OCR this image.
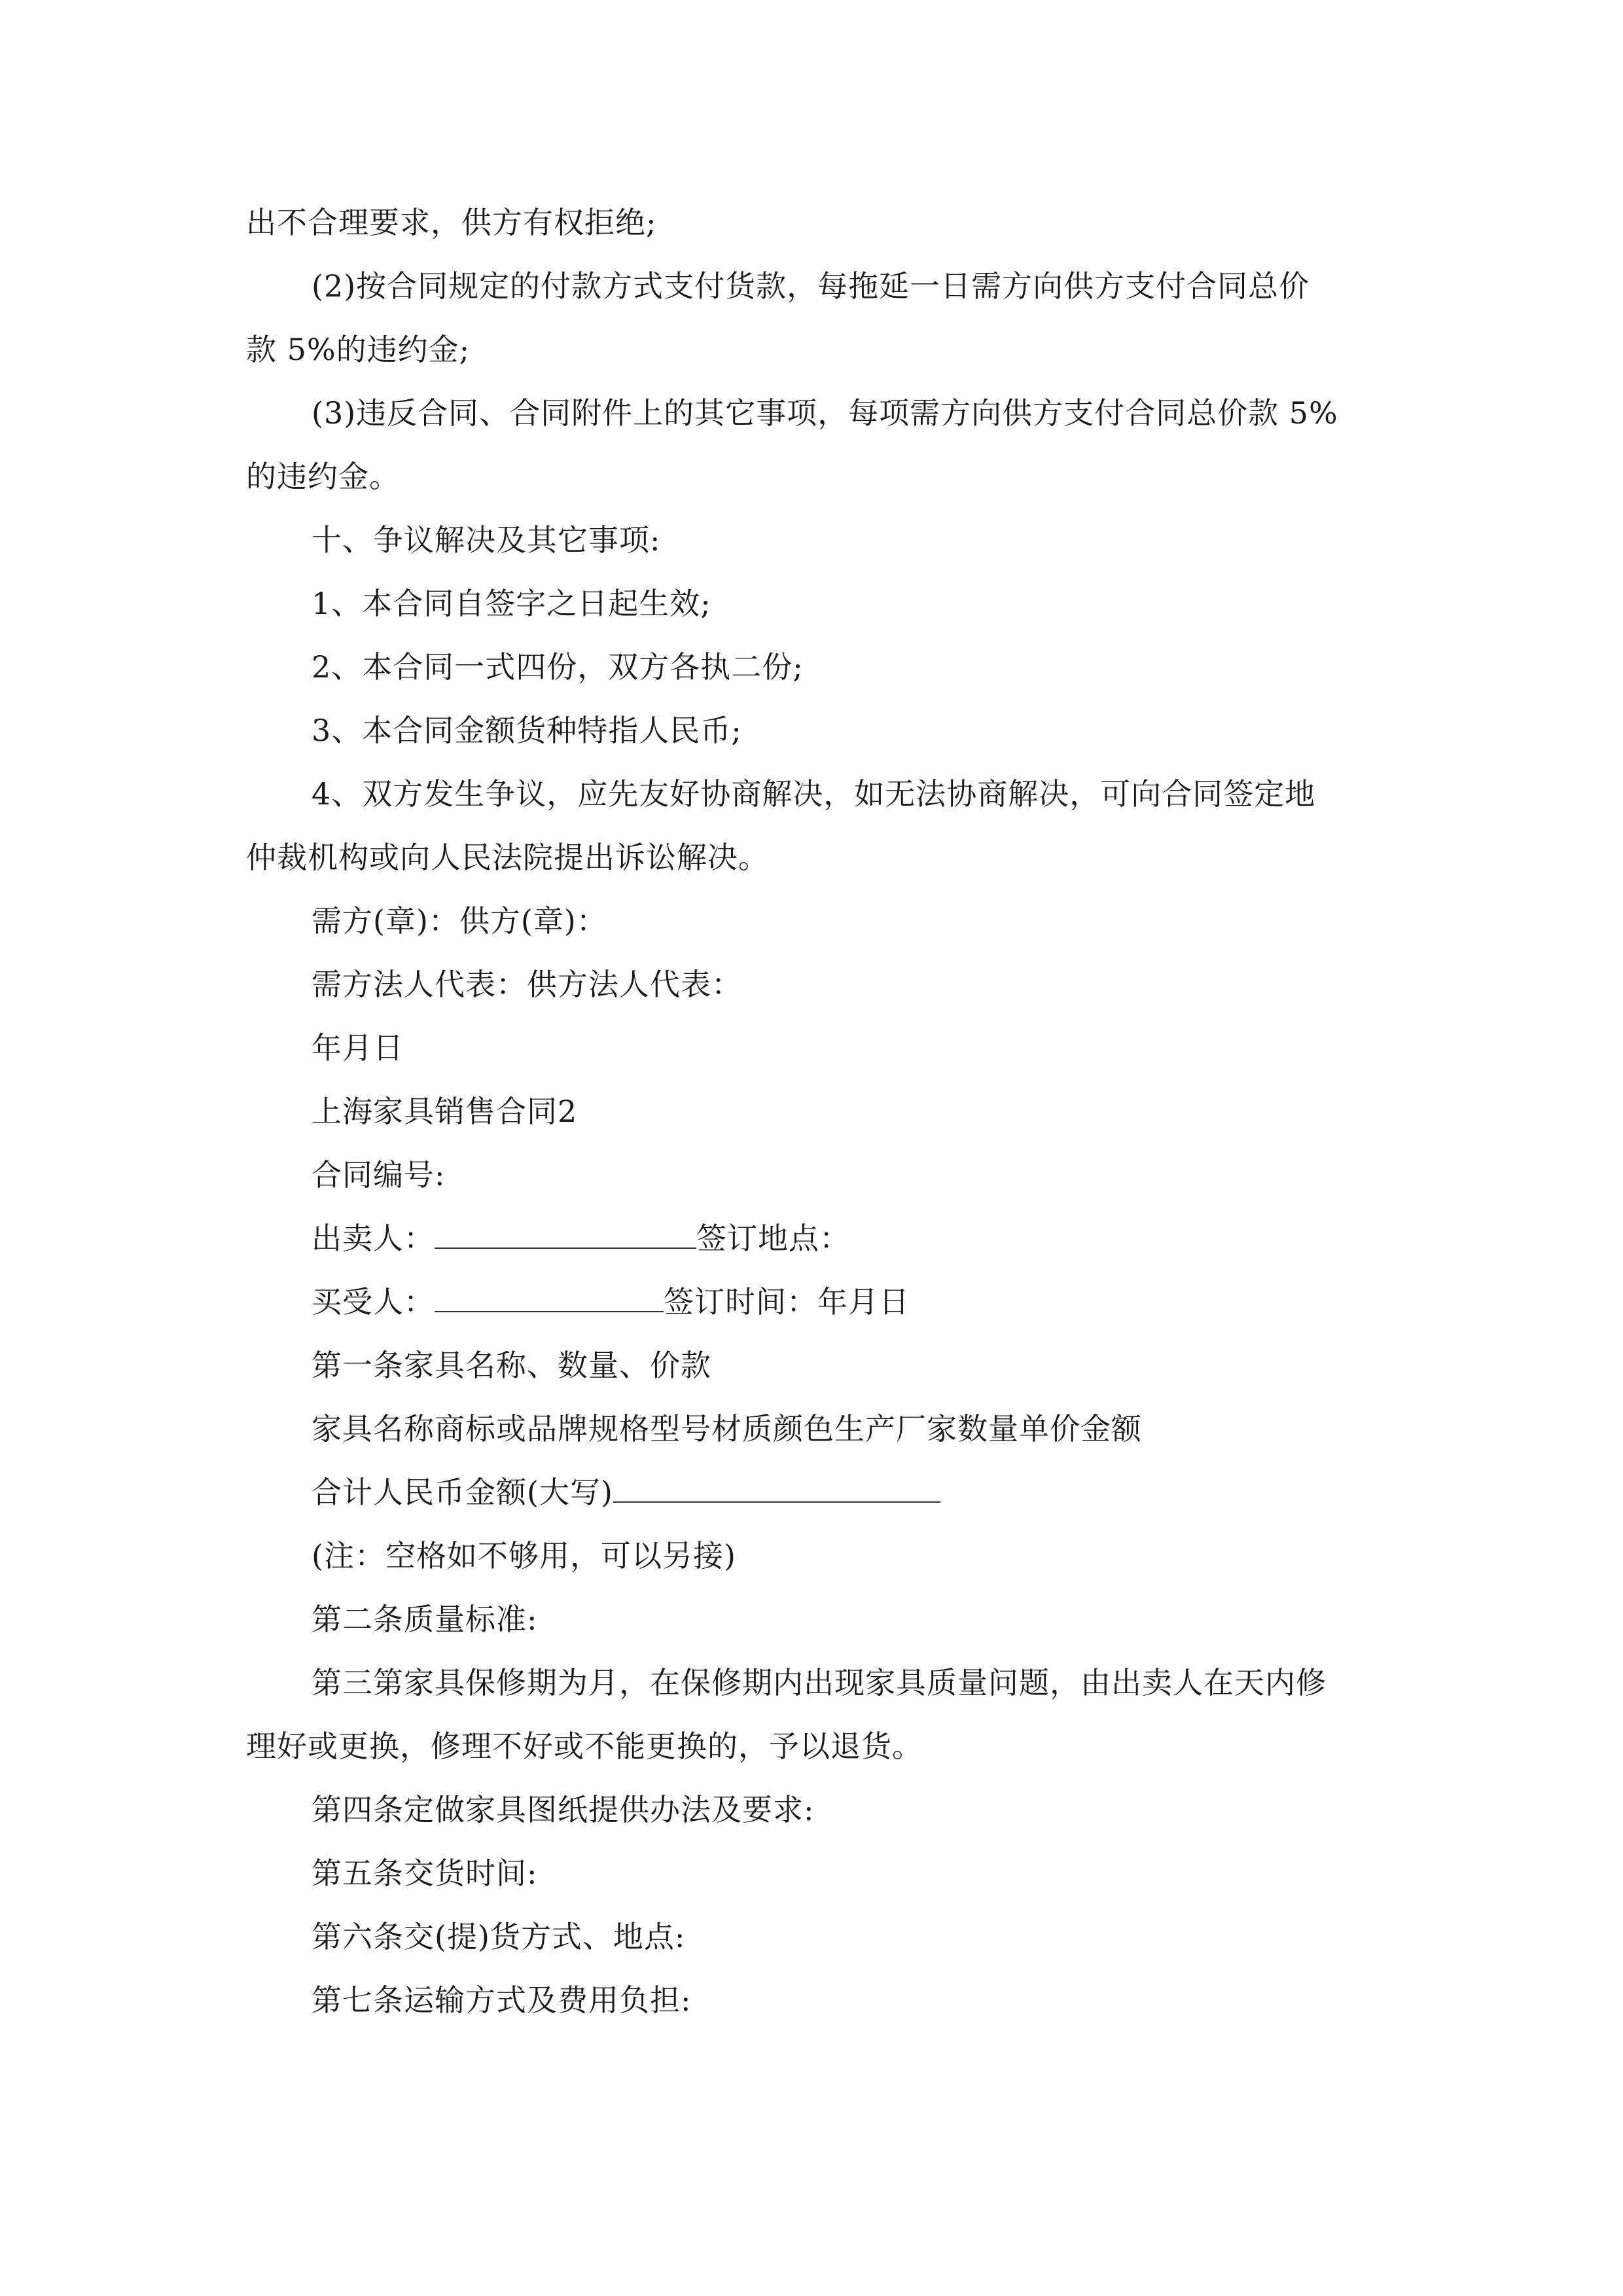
出不合理要求，供方有权拒绝;
(2)按合同规定的付款方式支付货款，每拖延一日需方向供方支付合同总价
款 5%的违约金;
(3)违反合同、合同附件上的其它事项，每项需方向供方支付合同总价款 5%
的违约金。
十、争议解决及其它事项:
1、本合同自签字之日起生效;
2、本合同一式四份，双方各执二份;
3、本合同金额货种特指人民币;
4、双方发生争议，应先友好协商解决，如无法协商解决，可向合同签定地
仲裁机构或向人民法院提出诉讼解决。
需方(章)：供方(章)：
需方法人代表：供方法人代表：
年月日
上海家具销售合同2
合同编号:
出卖人：	签订地点：
买受人：	签订时间：年月日
第一条家具名称、数量、价款
家具名称商标或品牌规格型号材质颜色生产厂家数量单价金额
合计人民币金额(大写)
(注：空格如不够用，可以另接)
第二条质量标准:
第三第家具保修期为月，在保修期内出现家具质量问题，由出卖人在天内修
理好或更换，修理不好或不能更换的，予以退货。
第四条定做家具图纸提供办法及要求:
第五条交货时间:
第六条交(提)货方式、地点:
第七条运输方式及费用负担:
